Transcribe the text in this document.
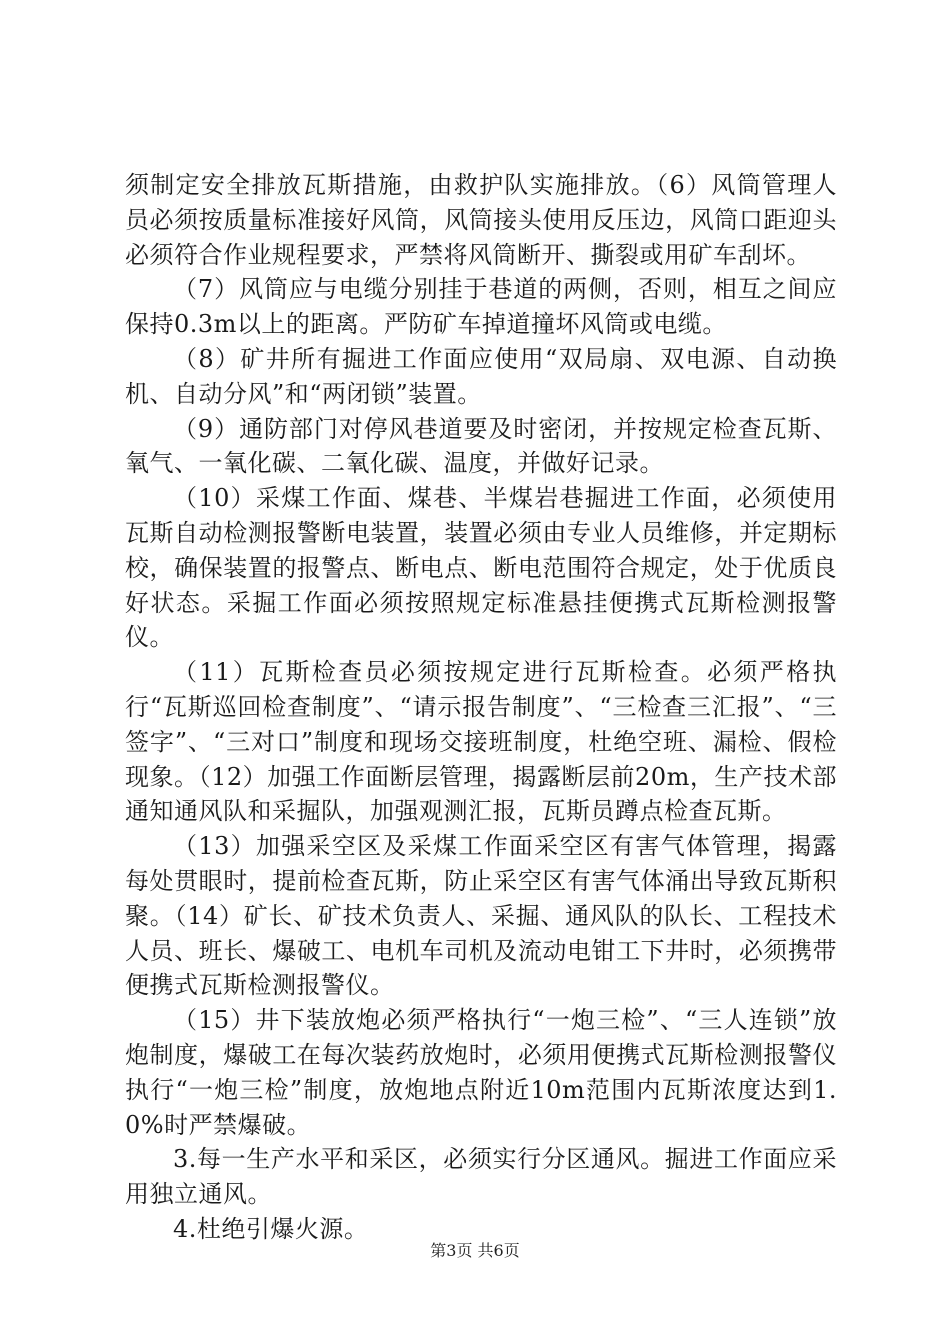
须制定安全排放瓦斯措施，由救护队实施排放。（6）风筒管理人员必须按质量标准接好风筒，风筒接头使用反压边，风筒口距迎头必须符合作业规程要求，严禁将风筒断开、撕裂或用矿车刮坏。

（7）风筒应与电缆分别挂于巷道的两侧，否则，相互之间应保持0.3m以上的距离。严防矿车掉道撞坏风筒或电缆。

（8）矿井所有掘进工作面应使用“双局扇、双电源、自动换机、自动分风”和“两闭锁”装置。

（9）通防部门对停风巷道要及时密闭，并按规定检查瓦斯、氧气、一氧化碳、二氧化碳、温度，并做好记录。

（10）采煤工作面、煤巷、半煤岩巷掘进工作面，必须使用瓦斯自动检测报警断电装置，装置必须由专业人员维修，并定期标校，确保装置的报警点、断电点、断电范围符合规定，处于优质良好状态。采掘工作面必须按照规定标准悬挂便携式瓦斯检测报警仪。

（11）瓦斯检查员必须按规定进行瓦斯检查。必须严格执行“瓦斯巡回检查制度”、“请示报告制度”、“三检查三汇报”、“三签字”、“三对口”制度和现场交接班制度，杜绝空班、漏检、假检现象。（12）加强工作面断层管理，揭露断层前20m，生产技术部通知通风队和采掘队，加强观测汇报，瓦斯员蹲点检查瓦斯。

（13）加强采空区及采煤工作面采空区有害气体管理，揭露每处贯眼时，提前检查瓦斯，防止采空区有害气体涌出导致瓦斯积聚。（14）矿长、矿技术负责人、采掘、通风队的队长、工程技术人员、班长、爆破工、电机车司机及流动电钳工下井时，必须携带便携式瓦斯检测报警仪。

（15）井下装放炮必须严格执行“一炮三检”、“三人连锁”放炮制度，爆破工在每次装药放炮时，必须用便携式瓦斯检测报警仪执行“一炮三检”制度，放炮地点附近10m范围内瓦斯浓度达到1.0%时严禁爆破。

3.每一生产水平和采区，必须实行分区通风。掘进工作面应采用独立通风。

4.杜绝引爆火源。

第3页 共6页
